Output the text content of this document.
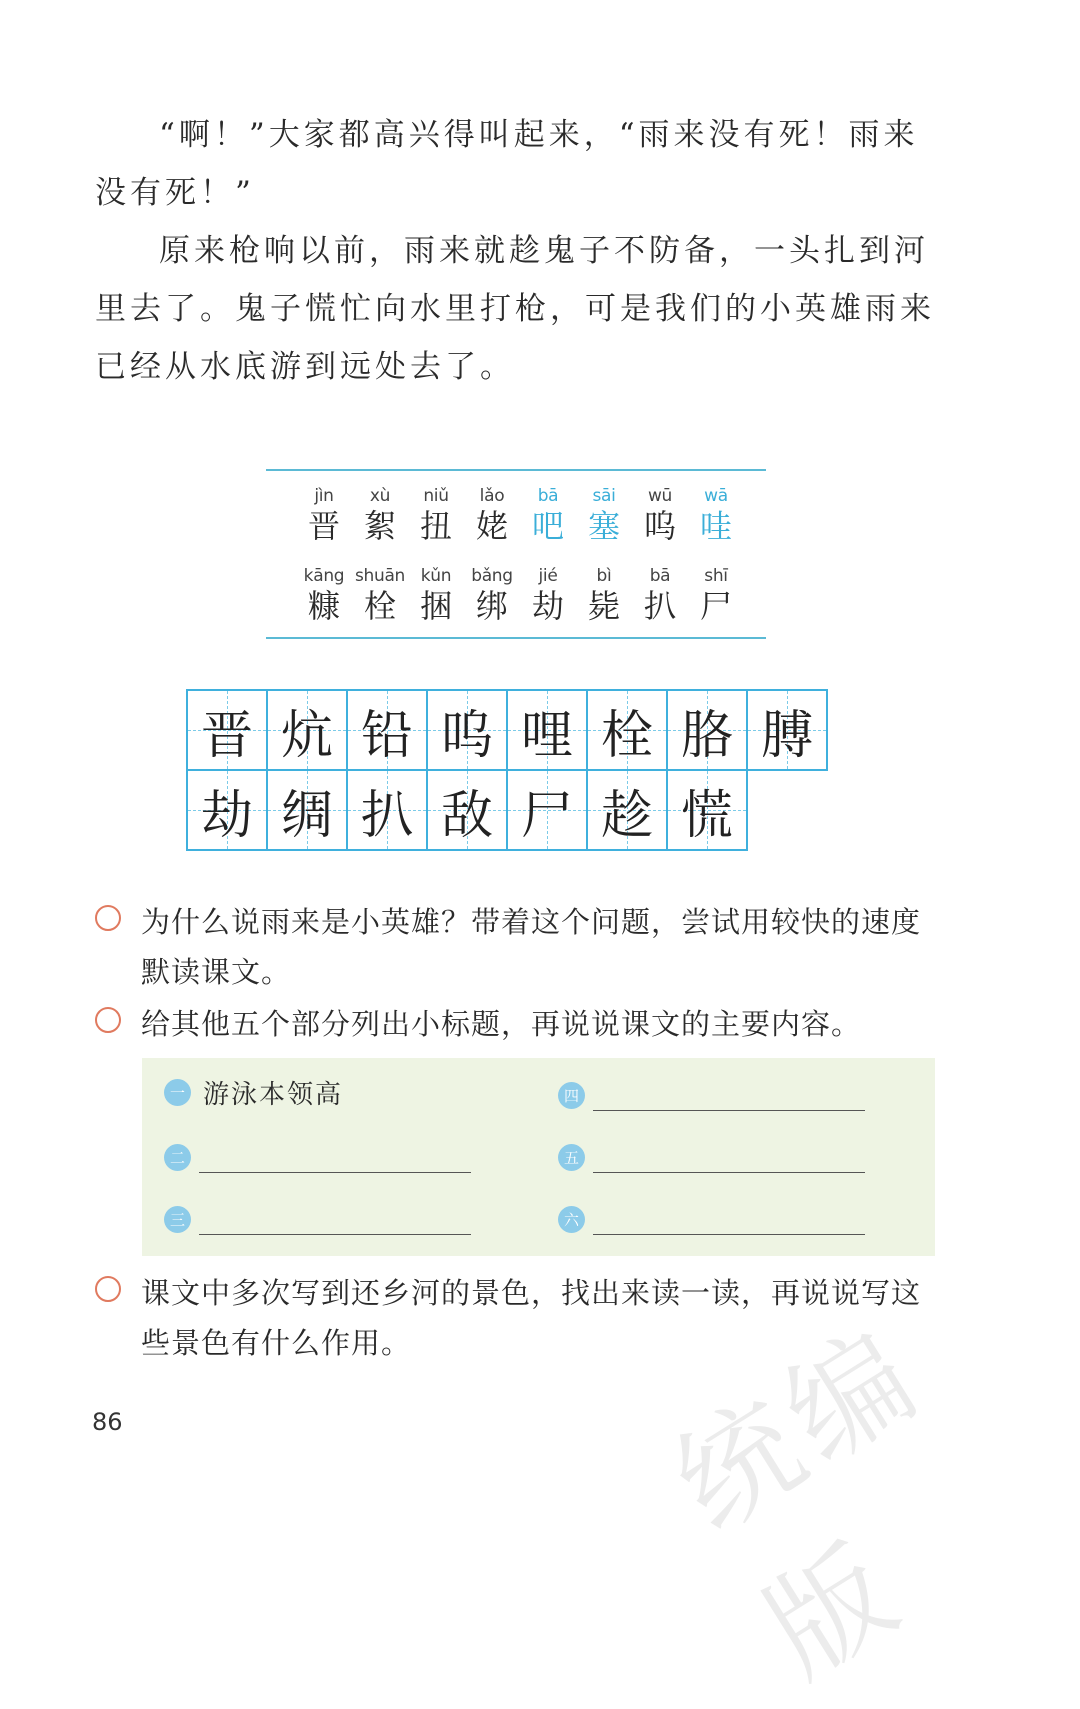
“啊！”大家都高兴得叫起来，“雨来没有死！雨来没有死！”

原来枪响以前，雨来就趁鬼子不防备，一头扎到河里去了。鬼子慌忙向水里打枪，可是我们的小英雄雨来已经从水底游到远处去了。

jìn
晋
xù
絮
niǔ
扭
lǎo
姥
bā
吧
sāi
塞
wū
呜
wā
哇
kāng
糠
shuān
栓
kǔn
捆
bǎng
绑
jié
劫
bì
毙
bā
扒
shī
尸
晋 炕 铅 呜 哩 栓 胳 膊
劫 绸 扒 敌 尸 趁 慌
为什么说雨来是小英雄？带着这个问题，尝试用较快的速度默读课文。
给其他五个部分列出小标题，再说说课文的主要内容。
一 游泳本领高
二
三
四
五
六
课文中多次写到还乡河的景色，找出来读一读，再说说写这些景色有什么作用。
86	统编版
